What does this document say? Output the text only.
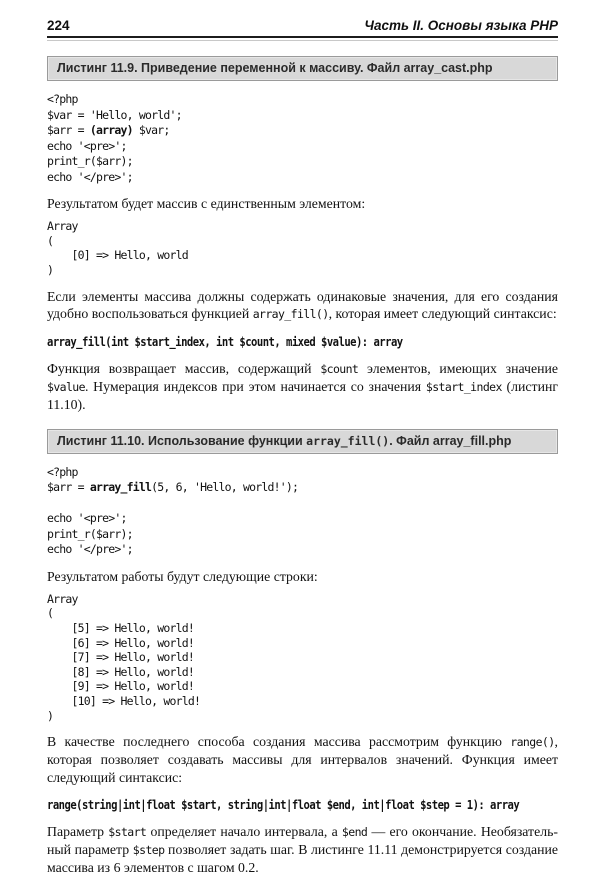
224	Часть II. Основы языка PHP
Листинг 11.9. Приведение переменной к массиву. Файл array_cast.php
<?php
$var = 'Hello, world';
$arr = (array) $var;
echo '<pre>';
print_r($arr);
echo '</pre>';
Результатом будет массив с единственным элементом:
Array
(
[0] => Hello, world
)
Если элементы массива должны содержать одинаковые значения, для его создания удобно воспользоваться функцией array_fill(), которая имеет следующий синтаксис:
array_fill(int $start_index, int $count, mixed $value): array
Функция возвращает массив, содержащий $count элементов, имеющих значение $value. Нумерация индексов при этом начинается со значения $start_index (листинг 11.10).
Листинг 11.10. Использование функции array_fill(). Файл array_fill.php
<?php
$arr = array_fill(5, 6, 'Hello, world!');

echo '<pre>';
print_r($arr);
echo '</pre>';
Результатом работы будут следующие строки:
Array
(
[5] => Hello, world!
[6] => Hello, world!
[7] => Hello, world!
[8] => Hello, world!
[9] => Hello, world!
[10] => Hello, world!
)
В качестве последнего способа создания массива рассмотрим функцию range(), которая позволяет создавать массивы для интервалов значений. Функция имеет следующий синтаксис:
range(string|int|float $start, string|int|float $end, int|float $step = 1): array
Параметр $start определяет начало интервала, а $end — его окончание. Необязательный параметр $step позволяет задать шаг. В листинге 11.11 демонстрируется создание массива из 6 элементов с шагом 0.2.
